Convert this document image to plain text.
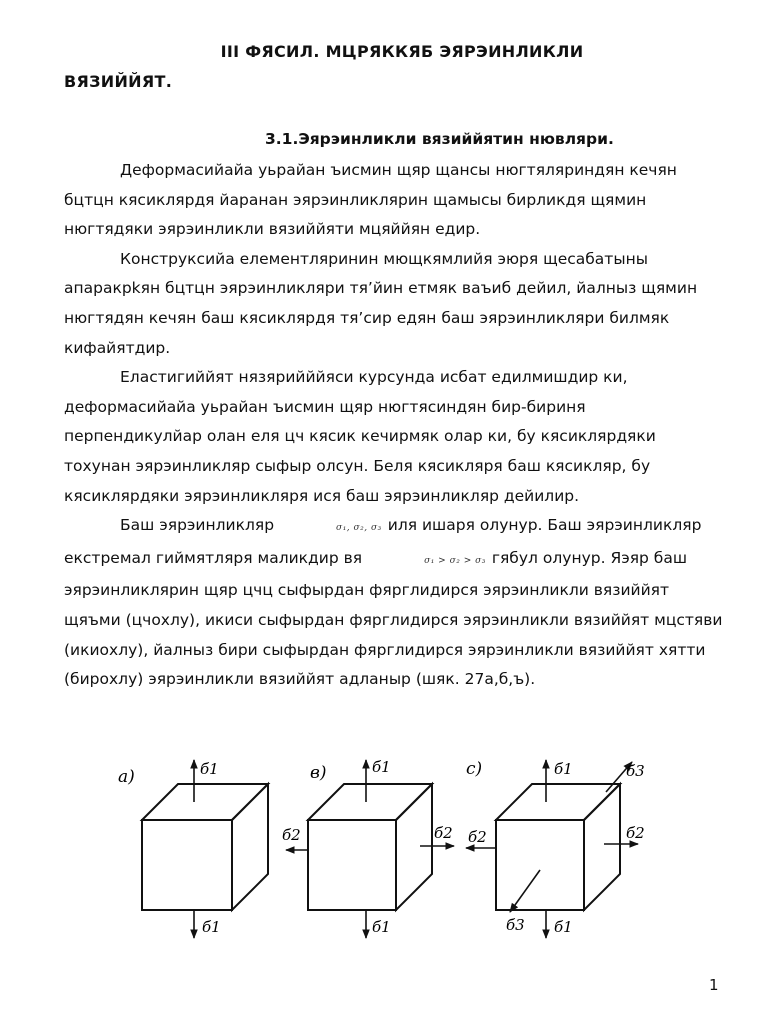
III ФЯСИЛ. МЦРЯККЯБ ЭЯРЭИНЛИКЛИ
ВЯЗИЙЙЯТ.
3.1.Эярэинликли вязиййятин нювляри.

Деформасийайа уьрайан ъисмин щяр щансы нюгтяляриндян кечян бцтцн кясиклярдя йаранан эярэинликлярин щамысы бирликдя щямин нюгтядяки эярэинликли вязиййяти мцяййян едир.

Конструксийа елементляринин мющкямлийя эюря щесабатыны апаракрkян бцтцн эярэинликляри тя’йин етмяк ваъиб дейил, йалныз щямин нюгтядян кечян баш кясиклярдя тя’сир едян баш эярэинликляри билмяк кифайятдир.

Еластигиййят нязярийййяси курсунда исбат едилмишдир ки, деформасийайа уьрайан ъисмин щяр нюгтясиндян бир-бириня перпендикулйар олан еля цч кясик кечирмяк олар ки, бу кясиклярдяки тохунан эярэинликляр сыфыр олсун. Беля кясикляря баш кясикляр, бу кясиклярдяки эярэинликляря ися баш эярэинликляр дейилир.

Баш эярэинликляр	σ₁, σ₂, σ₃ иля ишаря олунур. Баш эярэинликляр екстремал гиймятляря маликдир вя	σ₁ > σ₂ > σ₃ гябул олунур. Яэяр баш эярэинликлярин щяр цчц сыфырдан фярглидирся эярэинликли вязиййят щяъми (цчохлу), икиси сыфырдан фярглидирся эярэинликли вязиййят мцстяви (икиохлу), йалныз бири сыфырдан фярглидирся эярэинликли вязиййят хятти (бирохлу) эярэинликли вязиййят адланыр (шяк. 27а,б,ъ).

а)	б1
б1
в)	б1
б1
б2	б2
с)	б1
б1
б2	б2
б3
б3
1
